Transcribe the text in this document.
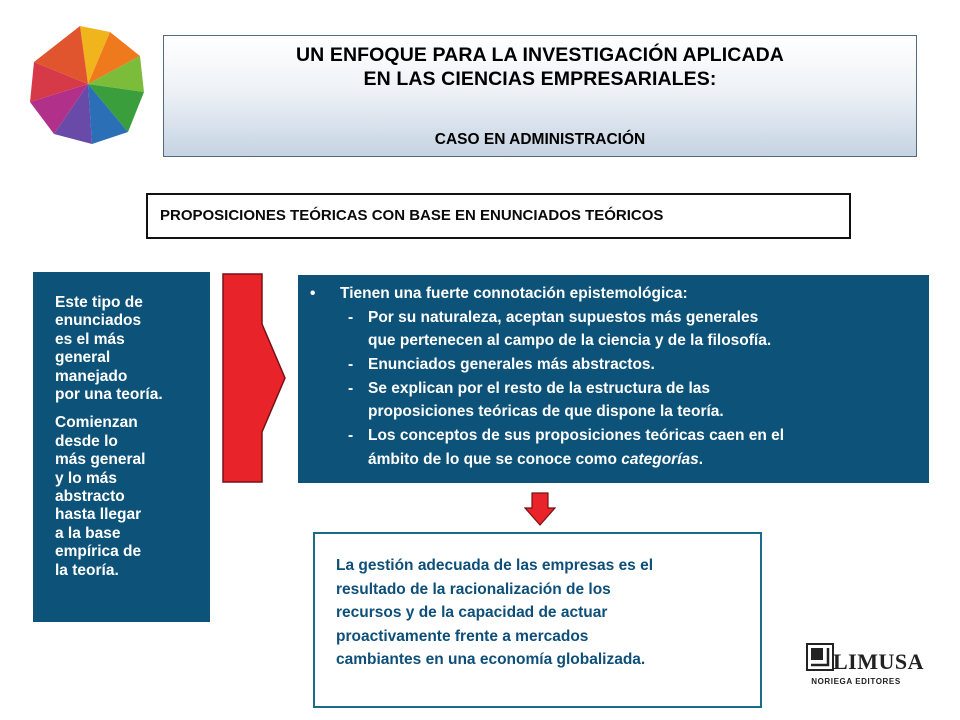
UN ENFOQUE PARA LA INVESTIGACIÓN APLICADA
EN LAS CIENCIAS EMPRESARIALES:
CASO EN ADMINISTRACIÓN
PROPOSICIONES TEÓRICAS CON BASE EN ENUNCIADOS TEÓRICOS
Este tipo de
enunciados
es el más
general
manejado
por una teoría.
Comienzan
desde lo
más general
y lo más
abstracto
hasta llegar
a la base
empírica de
la teoría.
• Tienen una fuerte connotación epistemológica:
- Por su naturaleza, aceptan supuestos más generales
que pertenecen al campo de la ciencia y de la filosofía.
- Enunciados generales más abstractos.
- Se explican por el resto de la estructura de las
proposiciones teóricas de que dispone la teoría.
- Los conceptos de sus proposiciones teóricas caen en el
ámbito de lo que se conoce como categorías.
La gestión adecuada de las empresas es el
resultado de la racionalización de los
recursos y de la capacidad de actuar
proactivamente frente a mercados
cambiantes en una economía globalizada.	LIMUSA
NORIEGA EDITORES
